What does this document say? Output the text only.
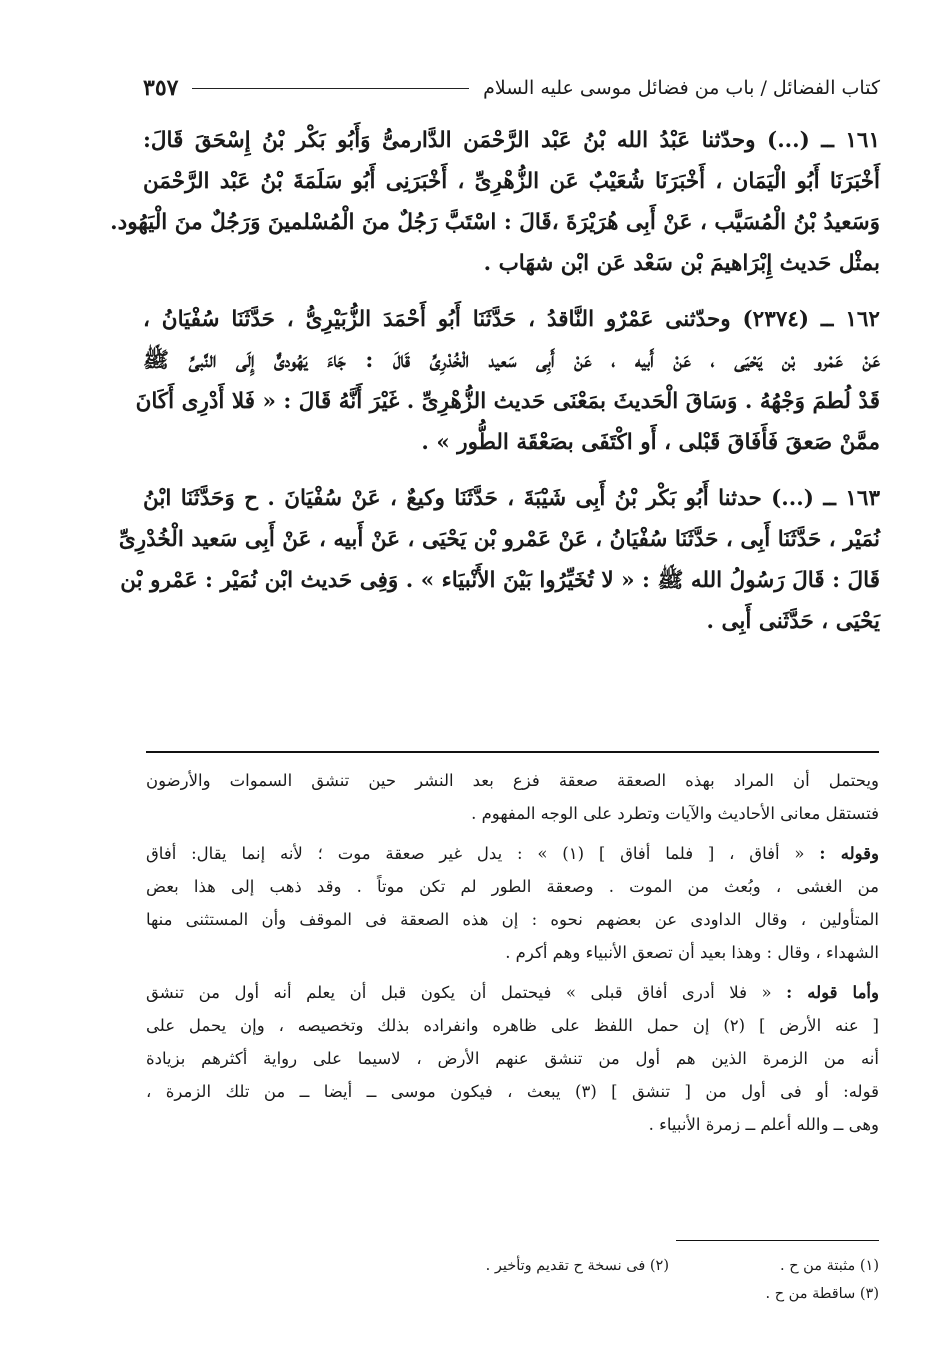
كتاب الفضائل / باب من فضائل موسى عليه السلام
٣٥٧
١٦١ ــ (...) وحدّثنا عَبْدُ الله بْنُ عَبْد الرَّحْمَن الدَّارمىُّ وَأَبُو بَكْر بْنُ إِسْحَقَ قَالَ:
أَخْبَرَنَا أَبُو الْيَمَان ، أَخْبَرَنَا شُعَيْبٌ عَن الزُّهْرِىِّ ، أَخْبَرَنِى أَبُو سَلَمَةَ بْنُ عَبْد الرَّحْمَن
وَسَعيدُ بْنُ الْمُسَيَّب ، عَنْ أَبِى هُرَيْرَةَ ،قَالَ : اسْتَبَّ رَجُلٌ منَ الْمُسْلمينَ وَرَجُلٌ منَ الْيَهُود.
بمثْل حَديث إِبْرَاهيمَ بْن سَعْد عَن ابْن شهَاب .
١٦٢ ــ (٢٣٧٤) وحدّثنى عَمْرٌو النَّاقدُ ، حَدَّثَنَا أَبُو أَحْمَدَ الزُّبَيْرِىُّ ، حَدَّثَنَا سُفْيَانُ ،
عَنْ عَمْرو بْن يَحْيَى ، عَنْ أَبيه ، عَنْ أَبِى سَعيد الْخُدْرِىِّ قَالَ : جَاءَ يَهُودىٌّ إِلَى النَّبىِّ ﷺ
قَدْ لُطمَ وَجْهُهُ . وَسَاقَ الْحَديثَ بمَعْنَى حَديث الزُّهْرِىِّ . غَيْرَ أَنَّهُ قَالَ : « فَلا أَدْرِى أَكَانَ
ممَّنْ صَعقَ فَأَفَاقَ قَبْلى ، أَو اكْتَفَى بصَعْقَة الطُّور » .
١٦٣ ــ (...) حدثنا أَبُو بَكْر بْنُ أَبِى شَيْبَةَ ، حَدَّثَنَا وكيعٌ ، عَنْ سُفْيَانَ . ح وَحَدَّثَنَا ابْنُ
نُمَيْر ، حَدَّثَنَا أَبِى ، حَدَّثَنَا سُفْيَانُ ، عَنْ عَمْرو بْن يَحْيَى ، عَنْ أَبيه ، عَنْ أَبِى سَعيد الْخُدْرِىِّ
قَالَ : قَالَ رَسُولُ الله ﷺ : « لا تُخَيِّرُوا بَيْنَ الأَنْبيَاء » . وَفِى حَديث ابْن نُمَيْر : عَمْرو بْن
يَحْيَى ، حَدَّثَنى أَبِى .
ويحتمل أن المراد بهذه الصعقة صعقة فزع بعد النشر حين تنشق السموات والأرضون
فتستقل معانى الأحاديث والآيات وتطرد على الوجه المفهوم .
وقوله : « أفاق ، [ فلما أفاق ] (١) » : يدل غير صعقة موت ؛ لأنه إنما يقال: أفاق
من الغشى ، وبُعث من الموت . وصعقة الطور لم تكن موتاً . وقد ذهب إلى هذا بعض
المتأولين ، وقال الداودى عن بعضهم نحوه : إن هذه الصعقة فى الموقف وأن المستثنى منها
الشهداء ، وقال : وهذا بعيد أن تصعق الأنبياء وهم أكرم .
وأما قوله : « فلا أدرى أفاق قبلى » فيحتمل أن يكون قبل أن يعلم أنه أول من تنشق
[ عنه الأرض ] (٢) إن حمل اللفظ على ظاهره وانفراده بذلك وتخصيصه ، وإن يحمل على
أنه من الزمرة الذين هم أول من تنشق عنهم الأرض ، لاسيما على رواية أكثرهم بزيادة
قوله: أو فى أول من [ تنشق ] (٣) يبعث ، فيكون موسى ــ أيضا ــ من تلك الزمرة ،
وهى ــ والله أعلم ــ زمرة الأنبياء .
(١) مثبتة من ح .
(٢) فى نسخة ح تقديم وتأخير .
(٣) ساقطة من ح .
